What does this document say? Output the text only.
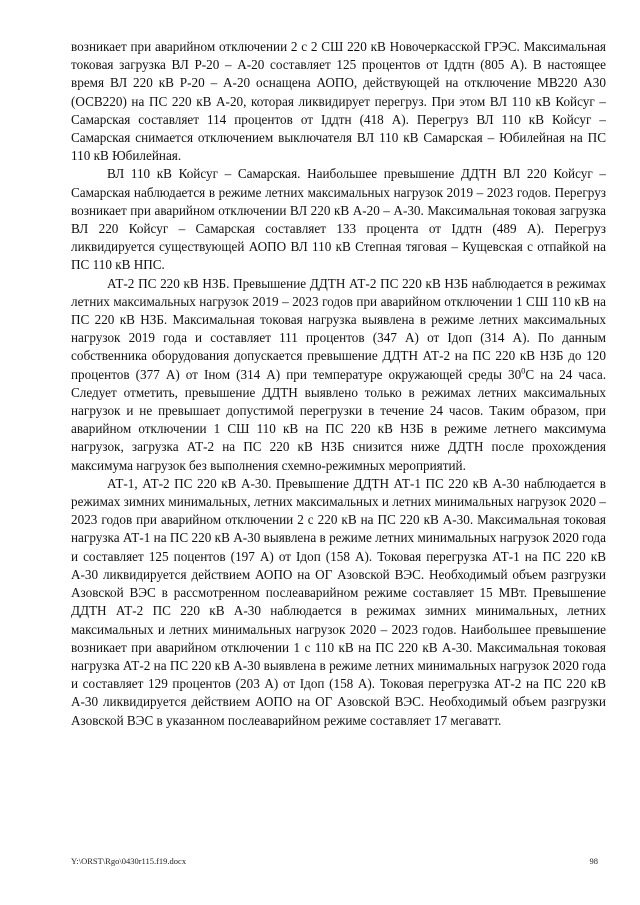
возникает при аварийном отключении 2 с 2 СШ 220 кВ Новочеркасской ГРЭС. Максимальная токовая загрузка ВЛ Р-20 – А-20 составляет 125 процентов от Iддтн (805 А). В настоящее время ВЛ 220 кВ Р-20 – А-20 оснащена АОПО, действующей на отключение МВ220 А30 (ОСВ220) на ПС 220 кВ А-20, которая ликвидирует перегруз. При этом ВЛ 110 кВ Койсуг – Самарская составляет 114 процентов от Iддтн (418 А). Перегруз ВЛ 110 кВ Койсуг – Самарская снимается отключением выключателя ВЛ 110 кВ Самарская – Юбилейная на ПС 110 кВ Юбилейная.

ВЛ 110 кВ Койсуг – Самарская. Наибольшее превышение ДДТН ВЛ 220 Койсуг – Самарская наблюдается в режиме летних максимальных нагрузок 2019 – 2023 годов. Перегруз возникает при аварийном отключении ВЛ 220 кВ А-20 – А-30. Максимальная токовая загрузка ВЛ 220 Койсуг – Самарская составляет 133 процента от Iддтн (489 А). Перегруз ликвидируется существующей АОПО ВЛ 110 кВ Степная тяговая – Кущевская с отпайкой на ПС 110 кВ НПС.

АТ-2 ПС 220 кВ НЗБ. Превышение ДДТН АТ-2 ПС 220 кВ НЗБ наблюдается в режимах летних максимальных нагрузок 2019 – 2023 годов при аварийном отключении 1 СШ 110 кВ на ПС 220 кВ НЗБ. Максимальная токовая нагрузка выявлена в режиме летних максимальных нагрузок 2019 года и составляет 111 процентов (347 А) от Iдоп (314 А). По данным собственника оборудования допускается превышение ДДТН АТ-2 на ПС 220 кВ НЗБ до 120 процентов (377 А) от Iном (314 А) при температуре окружающей среды $30^0С$ на 24 часа. Следует отметить, превышение ДДТН выявлено только в режимах летних максимальных нагрузок и не превышает допустимой перегрузки в течение 24 часов. Таким образом, при аварийном отключении 1 СШ 110 кВ на ПС 220 кВ НЗБ в режиме летнего максимума нагрузок, загрузка АТ-2 на ПС 220 кВ НЗБ снизится ниже ДДТН после прохождения максимума нагрузок без выполнения схемно-режимных мероприятий.

АТ-1, АТ-2 ПС 220 кВ А-30. Превышение ДДТН АТ-1 ПС 220 кВ А-30 наблюдается в режимах зимних минимальных, летних максимальных и летних минимальных нагрузок 2020 – 2023 годов при аварийном отключении 2 с 220 кВ на ПС 220 кВ А-30. Максимальная токовая нагрузка АТ-1 на ПС 220 кВ А-30 выявлена в режиме летних минимальных нагрузок 2020 года и составляет 125 поцентов (197 А) от Iдоп (158 А). Токовая перегрузка АТ-1 на ПС 220 кВ А-30 ликвидируется действием АОПО на ОГ Азовской ВЭС. Необходимый объем разгрузки Азовской ВЭС в рассмотренном послеаварийном режиме составляет 15 МВт. Превышение ДДТН АТ-2 ПС 220 кВ А-30 наблюдается в режимах зимних минимальных, летних максимальных и летних минимальных нагрузок 2020 – 2023 годов. Наибольшее превышение возникает при аварийном отключении 1 с 110 кВ на ПС 220 кВ А-30. Максимальная токовая нагрузка АТ-2 на ПС 220 кВ А-30 выявлена в режиме летних минимальных нагрузок 2020 года и составляет 129 процентов (203 А) от Iдоп (158 А). Токовая перегрузка АТ-2 на ПС 220 кВ А-30 ликвидируется действием АОПО на ОГ Азовской ВЭС. Необходимый объем разгрузки Азовской ВЭС в указанном послеаварийном режиме составляет 17 мегаватт.

Y:\ORST\Rgo\0430r115.f19.docx	98
